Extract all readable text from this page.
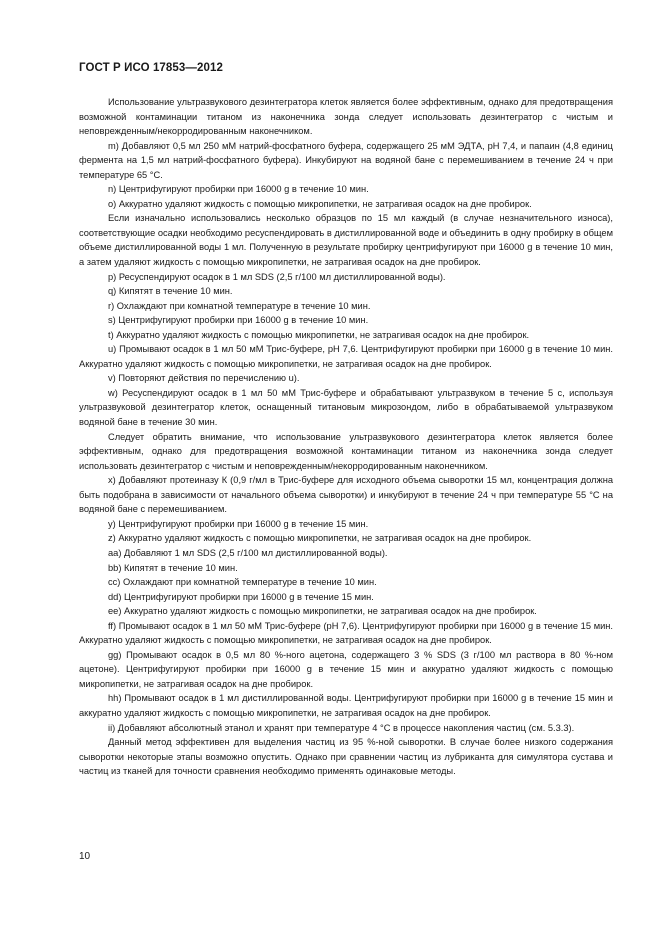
ГОСТ Р ИСО 17853—2012

Использование ультразвукового дезинтегратора клеток является более эффективным, однако для предотвращения возможной контаминации титаном из наконечника зонда следует использовать дезинтегратор с чистым и неповрежденным/некорродированным наконечником.

m) Добавляют 0,5 мл 250 мМ натрий-фосфатного буфера, содержащего 25 мМ ЭДТА, pH 7,4, и папаин (4,8 единиц фермента на 1,5 мл натрий-фосфатного буфера). Инкубируют на водяной бане с перемешиванием в течение 24 ч при температуре 65 °C.

n) Центрифугируют пробирки при 16000 g в течение 10 мин.

o) Аккуратно удаляют жидкость с помощью микропипетки, не затрагивая осадок на дне пробирок.

Если изначально использовались несколько образцов по 15 мл каждый (в случае незначительного износа), соответствующие осадки необходимо ресуспендировать в дистиллированной воде и объединить в одну пробирку в общем объеме дистиллированной воды 1 мл. Полученную в результате пробирку центрифугируют при 16000 g в течение 10 мин, а затем удаляют жидкость с помощью микропипетки, не затрагивая осадок на дне пробирок.

p) Ресуспендируют осадок в 1 мл SDS (2,5 г/100 мл дистиллированной воды).

q) Кипятят в течение 10 мин.

r) Охлаждают при комнатной температуре в течение 10 мин.

s) Центрифугируют пробирки при 16000 g в течение 10 мин.

t) Аккуратно удаляют жидкость с помощью микропипетки, не затрагивая осадок на дне пробирок.

u) Промывают осадок в 1 мл 50 мМ Трис-буфере, pH 7,6. Центрифугируют пробирки при 16000 g в течение 10 мин. Аккуратно удаляют жидкость с помощью микропипетки, не затрагивая осадок на дне пробирок.

v) Повторяют действия по перечислению u).

w) Ресуспендируют осадок в 1 мл 50 мМ Трис-буфере и обрабатывают ультразвуком в течение 5 с, используя ультразвуковой дезинтегратор клеток, оснащенный титановым микрозондом, либо в обрабатываемой ультразвуком водяной бане в течение 30 мин.

Следует обратить внимание, что использование ультразвукового дезинтегратора клеток является более эффективным, однако для предотвращения возможной контаминации титаном из наконечника зонда следует использовать дезинтегратор с чистым и неповрежденным/некорродированным наконечником.

x) Добавляют протеиназу К (0,9 г/мл в Трис-буфере для исходного объема сыворотки 15 мл, концентрация должна быть подобрана в зависимости от начального объема сыворотки) и инкубируют в течение 24 ч при температуре 55 °C на водяной бане с перемешиванием.

y) Центрифугируют пробирки при 16000 g в течение 15 мин.

z) Аккуратно удаляют жидкость с помощью микропипетки, не затрагивая осадок на дне пробирок.

aa) Добавляют 1 мл SDS (2,5 г/100 мл дистиллированной воды).

bb) Кипятят в течение 10 мин.

cc) Охлаждают при комнатной температуре в течение 10 мин.

dd) Центрифугируют пробирки при 16000 g в течение 15 мин.

ee) Аккуратно удаляют жидкость с помощью микропипетки, не затрагивая осадок на дне пробирок.

ff) Промывают осадок в 1 мл 50 мМ Трис-буфере (pH 7,6). Центрифугируют пробирки при 16000 g в течение 15 мин. Аккуратно удаляют жидкость с помощью микропипетки, не затрагивая осадок на дне пробирок.

gg) Промывают осадок в 0,5 мл 80 %-ного ацетона, содержащего 3 % SDS (3 г/100 мл раствора в 80 %-ном ацетоне). Центрифугируют пробирки при 16000 g в течение 15 мин и аккуратно удаляют жидкость с помощью микропипетки, не затрагивая осадок на дне пробирок.

hh) Промывают осадок в 1 мл дистиллированной воды. Центрифугируют пробирки при 16000 g в течение 15 мин и аккуратно удаляют жидкость с помощью микропипетки, не затрагивая осадок на дне пробирок.

ii) Добавляют абсолютный этанол и хранят при температуре 4 °C в процессе накопления частиц (см. 5.3.3).

Данный метод эффективен для выделения частиц из 95 %-ной сыворотки. В случае более низкого содержания сыворотки некоторые этапы возможно опустить. Однако при сравнении частиц из лубриканта для симулятора сустава и частиц из тканей для точности сравнения необходимо применять одинаковые методы.

10
